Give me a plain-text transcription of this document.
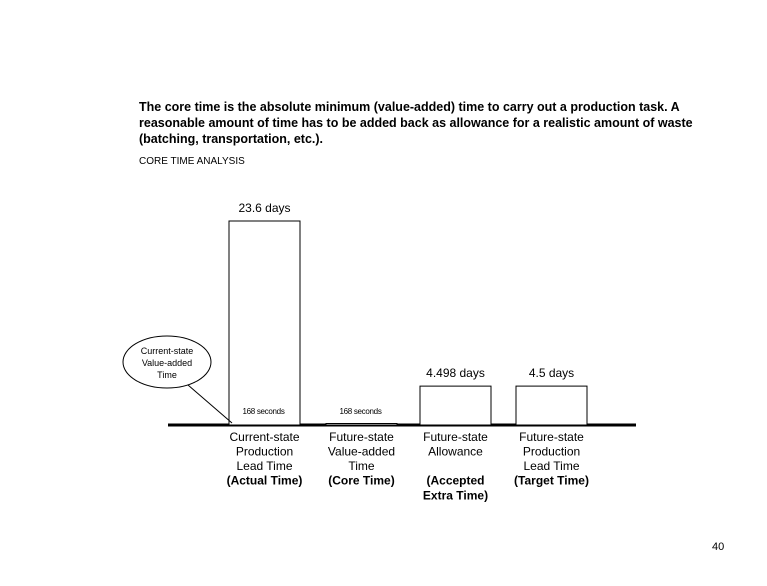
The core time is the absolute minimum (value-added) time to carry out a production task. A reasonable amount of time has to be added back as allowance for a realistic amount of waste (batching, transportation, etc.).

CORE TIME ANALYSIS

23.6 days
168 seconds
Current-state
Production
Lead Time
(Actual Time)
168 seconds
Future-state
Value-added
Time
(Core Time)
4.498 days
Future-state
Allowance
(Accepted
Extra Time)
4.5 days
Future-state
Production
Lead Time
(Target Time)
Current-state
Value-added
Time
40
